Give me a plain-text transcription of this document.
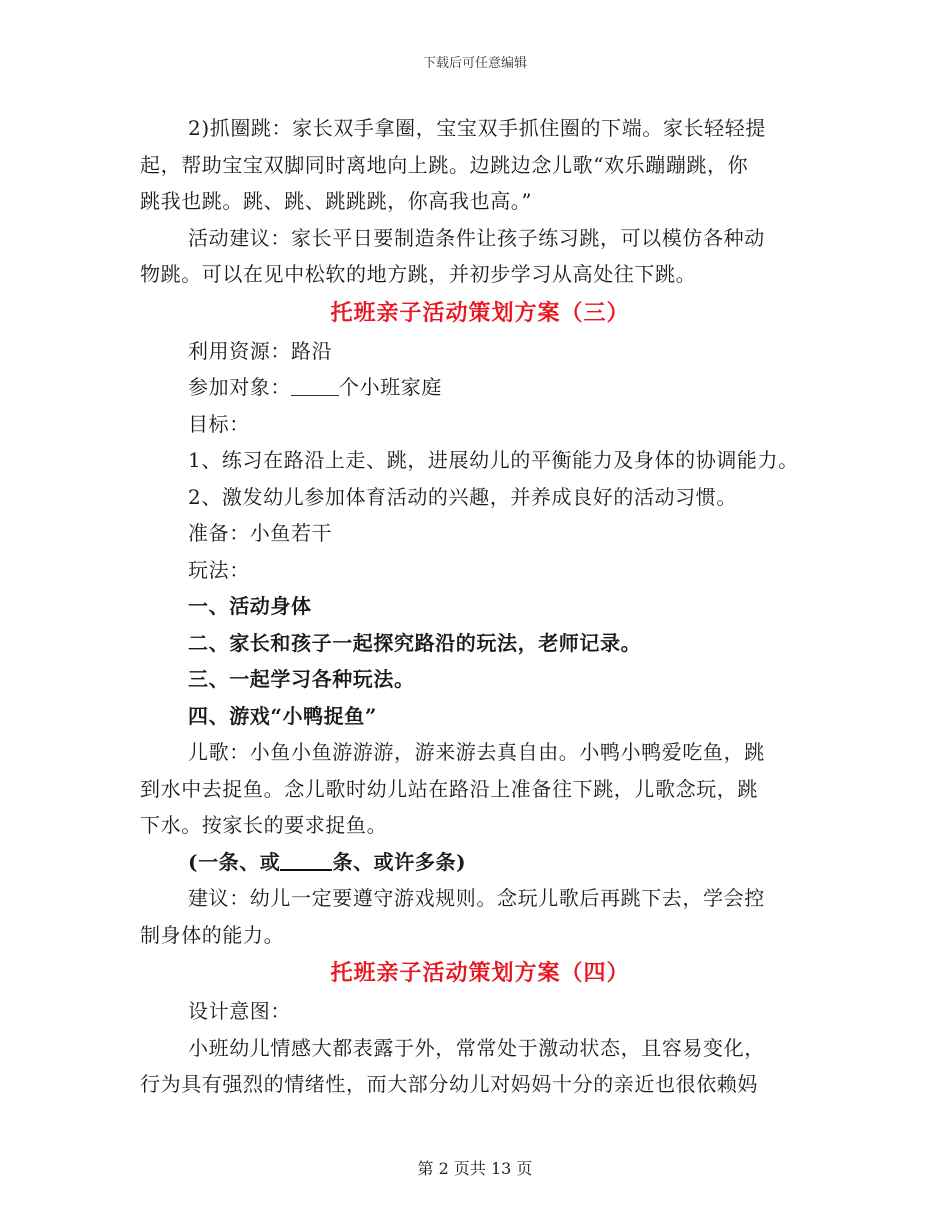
下载后可任意编辑

2)抓圈跳：家长双手拿圈，宝宝双手抓住圈的下端。家长轻轻提

起，帮助宝宝双脚同时离地向上跳。边跳边念儿歌“欢乐蹦蹦跳，你

跳我也跳。跳、跳、跳跳跳，你高我也高。”

活动建议：家长平日要制造条件让孩子练习跳，可以模仿各种动

物跳。可以在见中松软的地方跳，并初步学习从高处往下跳。

托班亲子活动策划方案（三）

利用资源：路沿

参加对象： 个小班家庭

目标：

1、练习在路沿上走、跳，进展幼儿的平衡能力及身体的协调能力。

2、激发幼儿参加体育活动的兴趣，并养成良好的活动习惯。

准备：小鱼若干

玩法：

一、活动身体

二、家长和孩子一起探究路沿的玩法，老师记录。

三、一起学习各种玩法。

四、游戏“小鸭捉鱼”

儿歌：小鱼小鱼游游游，游来游去真自由。小鸭小鸭爱吃鱼，跳

到水中去捉鱼。念儿歌时幼儿站在路沿上准备往下跳，儿歌念玩，跳

下水。按家长的要求捉鱼。

(一条、或	条、或许多条)

建议：幼儿一定要遵守游戏规则。念玩儿歌后再跳下去，学会控

制身体的能力。

托班亲子活动策划方案（四）

设计意图：

小班幼儿情感大都表露于外，常常处于激动状态，且容易变化，

行为具有强烈的情绪性，而大部分幼儿对妈妈十分的亲近也很依赖妈

第 2 页共 13 页
